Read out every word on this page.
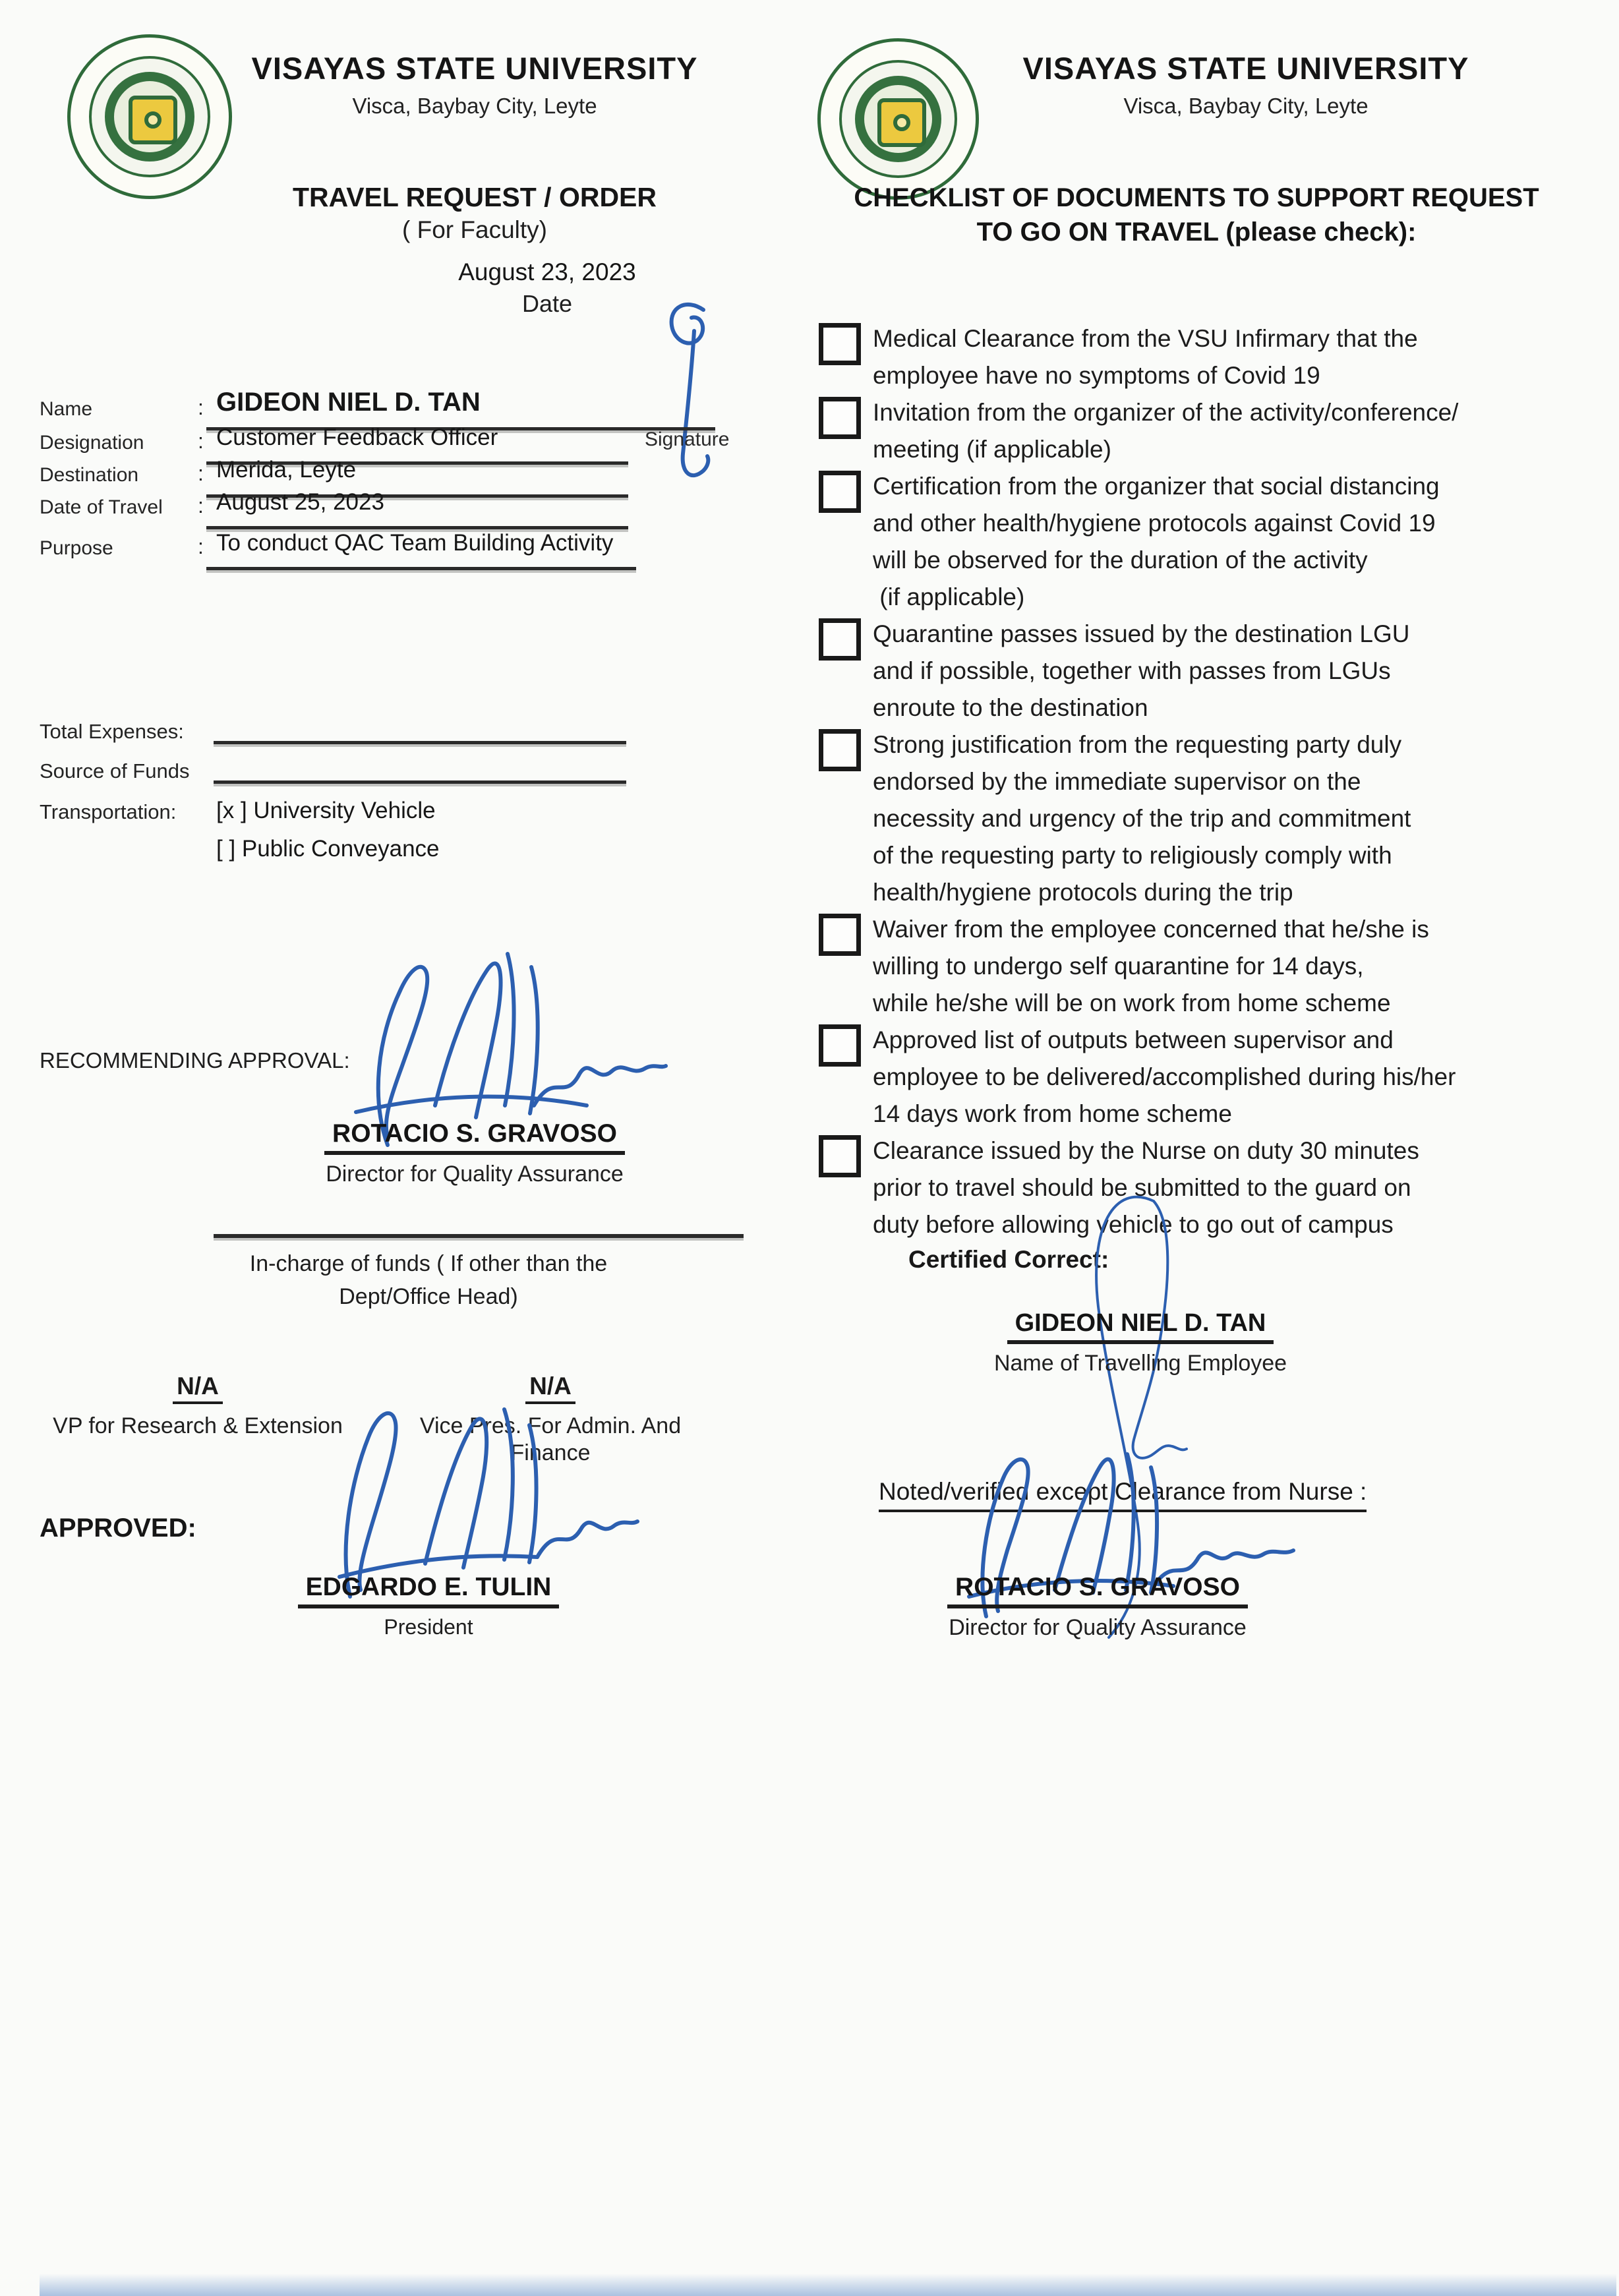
VISAYAS STATE UNIVERSITY
Visca, Baybay City, Leyte
TRAVEL REQUEST / ORDER
( For Faculty)
August 23, 2023
Date
Name	: GIDEON NIEL D. TAN
Designation	: Customer Feedback Officer	Signature
Destination	: Merida, Leyte
Date of Travel : August 25, 2023
Purpose	: To conduct QAC Team Building Activity
Total Expenses:
Source of Funds
Transportation: [x ] University Vehicle
[ ] Public Conveyance
RECOMMENDING APPROVAL:
ROTACIO S. GRAVOSO
Director for Quality Assurance
In-charge of funds ( If other than the
Dept/Office Head)
N/A
VP for Research & Extension
N/A
Vice Pres. For Admin. And
Finance
APPROVED:
EDGARDO E. TULIN
President
VISAYAS STATE UNIVERSITY
Visca, Baybay City, Leyte
CHECKLIST OF DOCUMENTS TO SUPPORT REQUEST
TO GO ON TRAVEL (please check):
Medical Clearance from the VSU Infirmary that the
employee have no symptoms of Covid 19
Invitation from the organizer of the activity/conference/
meeting (if applicable)
Certification from the organizer that social distancing
and other health/hygiene protocols against Covid 19
will be observed for the duration of the activity
(if applicable)
Quarantine passes issued by the destination LGU
and if possible, together with passes from LGUs
enroute to the destination
Strong justification from the requesting party duly
endorsed by the immediate supervisor on the
necessity and urgency of the trip and commitment
of the requesting party to religiously comply with
health/hygiene protocols during the trip
Waiver from the employee concerned that he/she is
willing to undergo self quarantine for 14 days,
while he/she will be on work from home scheme
Approved list of outputs between supervisor and
employee to be delivered/accomplished during his/her
14 days work from home scheme
Clearance issued by the Nurse on duty 30 minutes
prior to travel should be submitted to the guard on
duty before allowing vehicle to go out of campus
Certified Correct:
GIDEON NIEL D. TAN
Name of Travelling Employee
Noted/verified except Clearance from Nurse :
ROTACIO S. GRAVOSO
Director for Quality Assurance
